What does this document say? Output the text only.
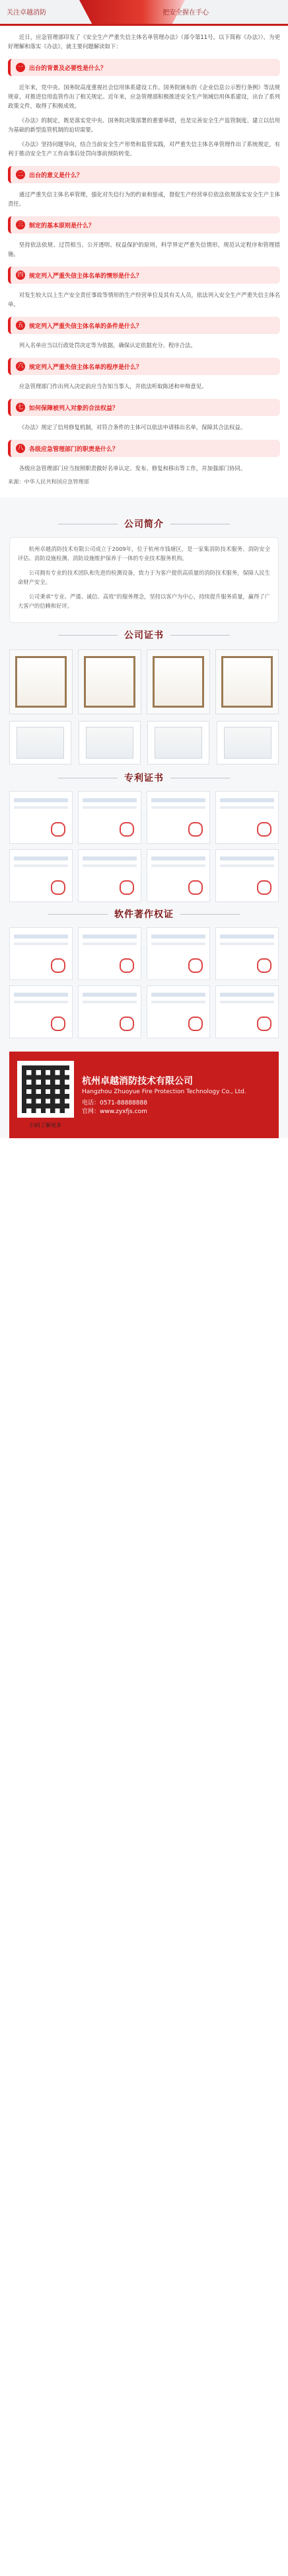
关注卓越消防	把安全握在手心

近日，应急管理部印发了《安全生产严重失信主体名单管理办法》（部令第11号，以下简称《办法》），为更好理解和落实《办法》，就主要问题解读如下：

一 出台的背景及必要性是什么？

近年来，党中央、国务院高度重视社会信用体系建设工作。国务院颁布的《企业信息公示暂行条例》等法规规章，对推进信用监管作出了相关规定。近年来，应急管理部积极推进安全生产领域信用体系建设，出台了系列政策文件，取得了积极成效。

《办法》的制定，既是落实党中央、国务院决策部署的重要举措，也是完善安全生产监管制度、建立以信用为基础的新型监管机制的迫切需要。

《办法》坚持问题导向，结合当前安全生产形势和监管实践，对严重失信主体名单管理作出了系统规定，有利于推动安全生产工作由事后处罚向事前预防转变。

二 出台的意义是什么？

通过严重失信主体名单管理，强化对失信行为的约束和惩戒，督促生产经营单位依法依规落实安全生产主体责任。

三 制定的基本原则是什么？

坚持依法依规、过罚相当、公开透明、权益保护的原则，科学界定严重失信情形，规范认定程序和管理措施。

四 规定列入严重失信主体名单的情形是什么？

对发生较大以上生产安全责任事故等情形的生产经营单位及其有关人员，依法列入安全生产严重失信主体名单。

五 规定列入严重失信主体名单的条件是什么？

列入名单应当以行政处罚决定等为依据，确保认定依据充分、程序合法。

六 规定列入严重失信主体名单的程序是什么？

应急管理部门作出列入决定前应当告知当事人，并依法听取陈述和申辩意见。

七 如何保障被列入对象的合法权益？

《办法》规定了信用修复机制，对符合条件的主体可以依法申请移出名单，保障其合法权益。

八 各级应急管理部门的职责是什么？

各级应急管理部门应当按照职责做好名单认定、发布、修复和移出等工作，并加强部门协同。

来源：中华人民共和国应急管理部
公司简介

杭州卓越消防技术有限公司成立于2009年，位于杭州市钱塘区，是一家集消防技术服务、消防安全评估、消防设施检测、消防设施维护保养于一体的专业技术服务机构。

公司拥有专业的技术团队和先进的检测设备，致力于为客户提供高质量的消防技术服务，保障人民生命财产安全。

公司秉承“专业、严谨、诚信、高效”的服务理念，坚持以客户为中心，持续提升服务质量，赢得了广大客户的信赖和好评。

公司证书
专利证书
软件著作权证
扫码了解更多
杭州卓越消防技术有限公司
Hangzhou Zhuoyue Fire Protection Technology Co., Ltd.
电话：0571-88888888
官网：www.zyxfjs.com
